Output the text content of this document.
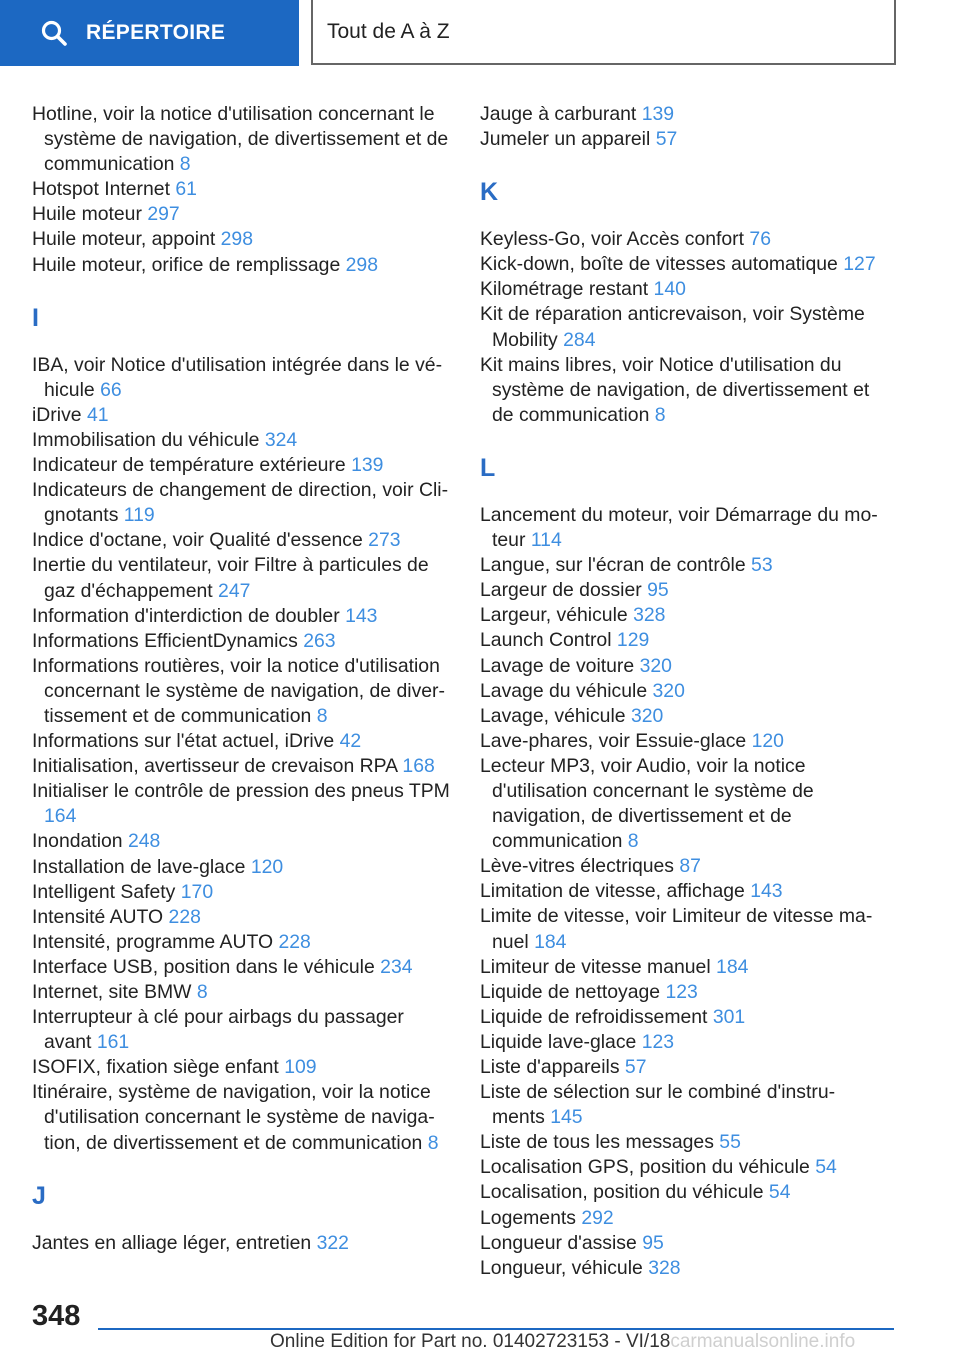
RÉPERTOIRE	Tout de A à Z
Hotline, voir la notice d'utilisation concernant le système de navigation, de divertissement et de communication 8
Hotspot Internet 61
Huile moteur 297
Huile moteur, appoint 298
Huile moteur, orifice de remplissage 298
I
IBA, voir Notice d'utilisation intégrée dans le véhicule 66
iDrive 41
Immobilisation du véhicule 324
Indicateur de température extérieure 139
Indicateurs de changement de direction, voir Clignotants 119
Indice d'octane, voir Qualité d'essence 273
Inertie du ventilateur, voir Filtre à particules de gaz d'échappement 247
Information d'interdiction de doubler 143
Informations EfficientDynamics 263
Informations routières, voir la notice d'utilisation concernant le système de navigation, de divertissement et de communication 8
Informations sur l'état actuel, iDrive 42
Initialisation, avertisseur de crevaison RPA 168
Initialiser le contrôle de pression des pneus TPM 164
Inondation 248
Installation de lave-glace 120
Intelligent Safety 170
Intensité AUTO 228
Intensité, programme AUTO 228
Interface USB, position dans le véhicule 234
Internet, site BMW 8
Interrupteur à clé pour airbags du passager avant 161
ISOFIX, fixation siège enfant 109
Itinéraire, système de navigation, voir la notice d'utilisation concernant le système de navigation, de divertissement et de communication 8
J
Jantes en alliage léger, entretien 322
Jauge à carburant 139
Jumeler un appareil 57
K
Keyless-Go, voir Accès confort 76
Kick-down, boîte de vitesses automatique 127
Kilométrage restant 140
Kit de réparation anticrevaison, voir Système Mobility 284
Kit mains libres, voir Notice d'utilisation du système de navigation, de divertissement et de communication 8
L
Lancement du moteur, voir Démarrage du moteur 114
Langue, sur l'écran de contrôle 53
Largeur de dossier 95
Largeur, véhicule 328
Launch Control 129
Lavage de voiture 320
Lavage du véhicule 320
Lavage, véhicule 320
Lave-phares, voir Essuie-glace 120
Lecteur MP3, voir Audio, voir la notice d'utilisation concernant le système de navigation, de divertissement et de communication 8
Lève-vitres électriques 87
Limitation de vitesse, affichage 143
Limite de vitesse, voir Limiteur de vitesse manuel 184
Limiteur de vitesse manuel 184
Liquide de nettoyage 123
Liquide de refroidissement 301
Liquide lave-glace 123
Liste d'appareils 57
Liste de sélection sur le combiné d'instruments 145
Liste de tous les messages 55
Localisation GPS, position du véhicule 54
Localisation, position du véhicule 54
Logements 292
Longueur d'assise 95
Longueur, véhicule 328
348
Online Edition for Part no. 01402723153 - VI/18carmanualsonline.info
